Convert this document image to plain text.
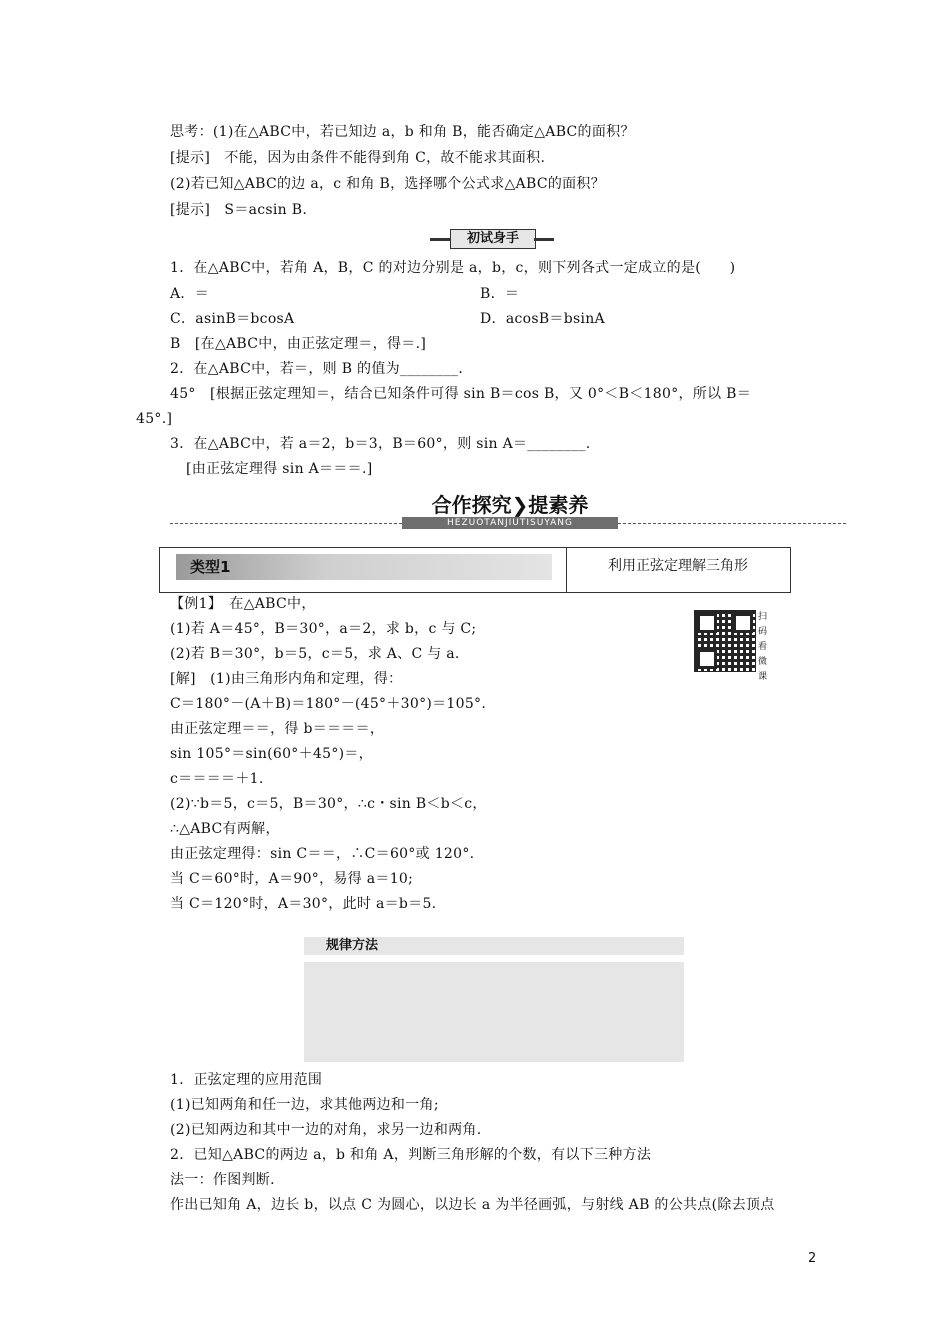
思考：(1)在△ABC中，若已知边 a，b 和角 B，能否确定△ABC的面积？
[提示]　不能，因为由条件不能得到角 C，故不能求其面积.
(2)若已知△ABC的边 a，c 和角 B，选择哪个公式求△ABC的面积？
[提示]　S＝acsin B.
初试身手
1．在△ABC中，若角 A，B，C 的对边分别是 a，b，c，则下列各式一定成立的是(　　)
A．＝	B．＝
C．asinB＝bcosA	D．acosB＝bsinA
B　[在△ABC中，由正弦定理＝，得＝.]
2．在△ABC中，若＝，则 B 的值为________．
45°　[根据正弦定理知＝，结合已知条件可得 sin B＝cos B，又 0°＜B＜180°，所以 B＝
45°.]
3．在△ABC中，若 a＝2，b＝3，B＝60°，则 sin A＝________.
[由正弦定理得 sin A＝＝＝.]
合作探究❯提素养
HEZUOTANJIUTISUYANG
类型1	利用正弦定理解三角形
扫码看微课
【例1】　在△ABC中，
(1)若 A＝45°，B＝30°，a＝2，求 b，c 与 C;
(2)若 B＝30°，b＝5，c＝5，求 A、C 与 a.
[解]　(1)由三角形内角和定理，得：
C＝180°－(A＋B)＝180°－(45°＋30°)＝105°.
由正弦定理＝＝，得 b＝＝＝＝，
sin 105°＝sin(60°＋45°)＝，
c＝＝＝＝＋1.
(2)∵b＝5，c＝5，B＝30°，∴c・sin B＜b＜c，
∴△ABC有两解，
由正弦定理得：sin C＝＝，∴C＝60°或 120°.
当 C＝60°时，A＝90°，易得 a＝10;
当 C＝120°时，A＝30°，此时 a＝b＝5.
规律方法
1．正弦定理的应用范围
(1)已知两角和任一边，求其他两边和一角;
(2)已知两边和其中一边的对角，求另一边和两角.
2．已知△ABC的两边 a，b 和角 A，判断三角形解的个数，有以下三种方法
法一：作图判断.
作出已知角 A，边长 b，以点 C 为圆心，以边长 a 为半径画弧，与射线 AB 的公共点(除去顶点
2
